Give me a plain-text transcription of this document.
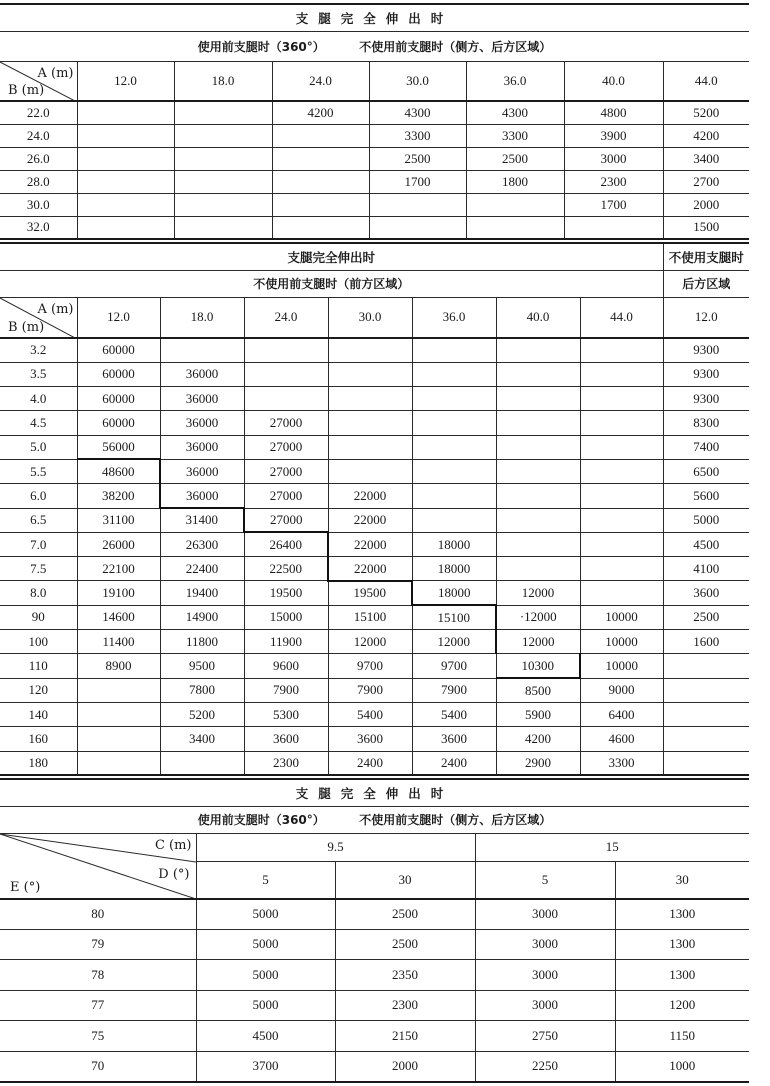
支腿完全伸出时							
使用前支腿时（360°） 不使用前支腿时（侧方、后方区域）							

A (m)
B (m)	12.0	18.0	24.0	30.0	36.0	40.0	44.0
22.0			4200	4300	4300	4800	5200
24.0				3300	3300	3900	4200
26.0				2500	2500	3000	3400
28.0				1700	1800	2300	2700
30.0						1700	2000
32.0							1500
支腿完全伸出时								不使用支腿时
不使用前支腿时（前方区域）								后方区域

A (m)
B (m)	12.0	18.0	24.0	30.0	36.0	40.0	44.0	12.0
3.2	60000							9300
3.5	60000	36000						9300
4.0	60000	36000						9300
4.5	60000	36000	27000					8300
5.0	56000	36000	27000					7400
5.5	48600	36000	27000					6500
6.0	38200	36000	27000	22000				5600
6.5	31100	31400	27000	22000				5000
7.0	26000	26300	26400	22000	18000			4500
7.5	22100	22400	22500	22000	18000			4100
8.0	19100	19400	19500	19500	18000	12000		3600
90	14600	14900	15000	15100	15100	·12000	10000	2500
100	11400	11800	11900	12000	12000	12000	10000	1600
110	8900	9500	9600	9700	9700	10300	10000	
120		7800	7900	7900	7900	8500	9000	
140		5200	5300	5400	5400	5900	6400	
160		3400	3600	3600	3600	4200	4600	
180			2300	2400	2400	2900	3300	
支腿完全伸出时				
使用前支腿时（360°） 不使用前支腿时（侧方、后方区域）				

C (m)
D (°)
E (°)	9.5		15	
	5	30	5	30
80	5000	2500	3000	1300
79	5000	2500	3000	1300
78	5000	2350	3000	1300
77	5000	2300	3000	1200
75	4500	2150	2750	1150
70	3700	2000	2250	1000
